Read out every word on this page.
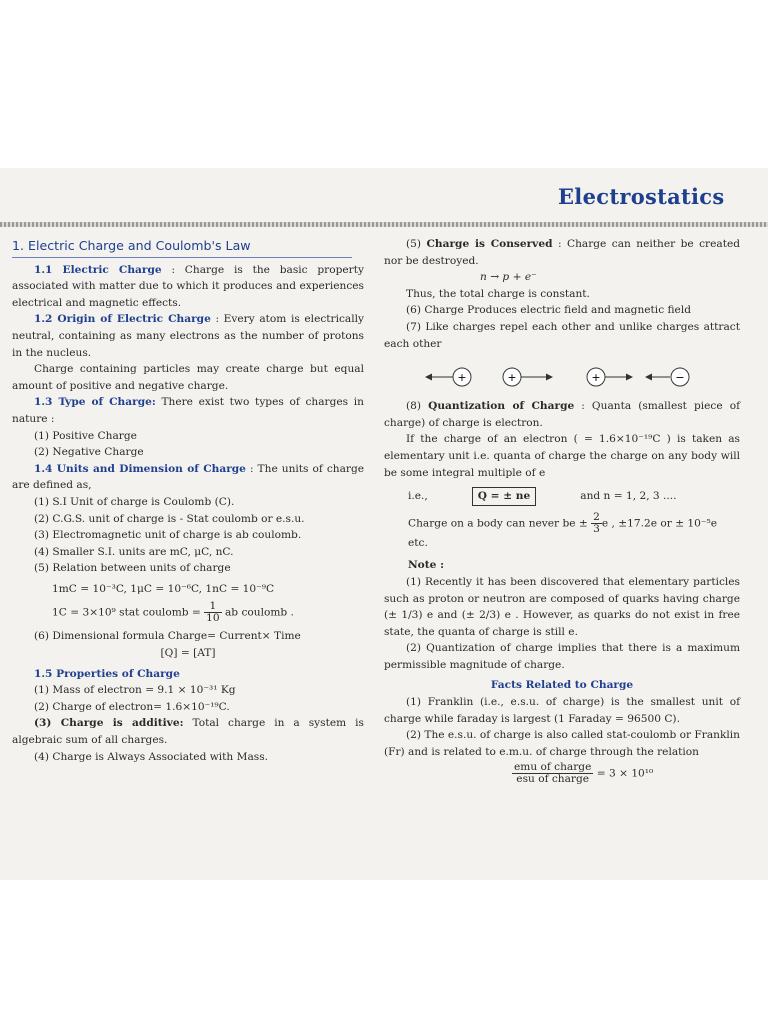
Electrostatics

1. Electric Charge and Coulomb's Law

1.1 Electric Charge : Charge is the basic property associated with matter due to which it produces and experiences electrical and magnetic effects.

1.2 Origin of Electric Charge : Every atom is electrically neutral, containing as many electrons as the number of protons in the nucleus.

Charge containing particles may create charge but equal amount of positive and negative charge.

1.3 Type of Charge: There exist two types of charges in nature :

(1) Positive Charge

(2) Negative Charge

1.4 Units and Dimension of Charge : The units of charge are defined as,

(1) S.I Unit of charge is Coulomb (C).

(2) C.G.S. unit of charge is - Stat coulomb or e.s.u.

(3) Electromagnetic unit of charge is ab coulomb.

(4) Smaller S.I. units are mC, μC, nC.

(5) Relation between units of charge

1mC = 10⁻³C, 1μC = 10⁻⁶C, 1nC = 10⁻⁹C

1C = 3×10⁹ stat coulomb = $\frac{1}{10}$ ab coulomb .

(6) Dimensional formula Charge= Current× Time

[Q] = [AT]

1.5 Properties of Charge

(1) Mass of electron = 9.1 × 10⁻³¹ Kg

(2) Charge of electron= 1.6×10⁻¹⁹C.

(3) Charge is additive: Total charge in a system is algebraic sum of all charges.

(4) Charge is Always Associated with Mass.

(5) Charge is Conserved : Charge can neither be created nor be destroyed.

n → p + e⁻

Thus, the total charge is constant.

(6) Charge Produces electric field and magnetic field

(7) Like charges repel each other and unlike charges attract each other

+	+	+	−

(8) Quantization of Charge : Quanta (smallest piece of charge) of charge is electron.

If the charge of an electron ( = 1.6×10⁻¹⁹C ) is taken as elementary unit i.e. quanta of charge the charge on any body will be some integral multiple of e

i.e.,	Q = ± ne	and n = 1, 2, 3 ....

Charge on a body can never be ± $\frac{2}{3}$ e , ±17.2e or ± 10⁻⁵e etc.

Note :

(1) Recently it has been discovered that elementary particles such as proton or neutron are composed of quarks having charge (± 1/3) e and (± 2/3) e . However, as quarks do not exist in free state, the quanta of charge is still e.

(2) Quantization of charge implies that there is a maximum permissible magnitude of charge.

Facts Related to Charge

(1) Franklin (i.e., e.s.u. of charge) is the smallest unit of charge while faraday is largest (1 Faraday = 96500 C).

(2) The e.s.u. of charge is also called stat-coulomb or Franklin (Fr) and is related to e.m.u. of charge through the relation

$\frac{\text{emu of charge}}{\text{esu of charge}} = 3 \times 10^{10}$
